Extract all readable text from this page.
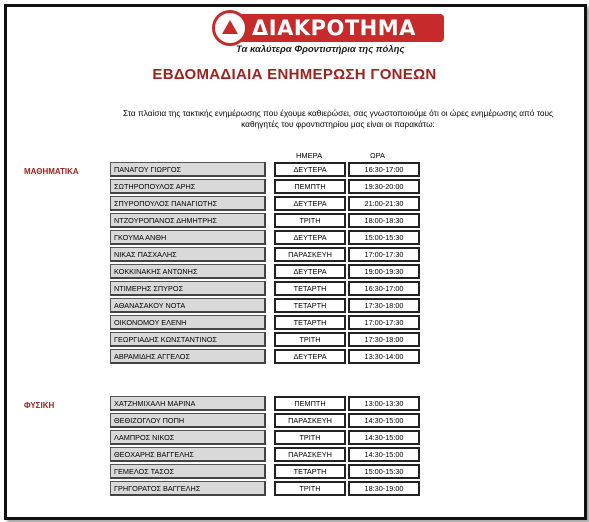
ΔΙΑΚΡΟΤΗΜΑ
Τα καλύτερα Φροντιστήρια της πόλης
ΕΒΔΟΜΑΔΙΑΙΑ ΕΝΗΜΕΡΩΣΗ ΓΟΝΕΩΝ
Στα πλαίσια της τακτικής ενημέρωσης που έχουμε καθιερώσει, σας γνωστοποιούμε ότι οι ώρες ενημέρωσης από τους καθηγητές του φροντιστηρίου μας είναι οι παρακάτω:
ΗΜΕΡΑ	ΩΡΑ
ΜΑΘΗΜΑΤΙΚΑ	ΠΑΝΑΓΟΥ ΓΙΩΡΓΟΣ		ΔΕΥΤΕΡΑ	16:30-17:00
ΣΩΤΗΡΟΠΟΥΛΟΣ ΑΡΗΣ		ΠΕΜΠΤΗ	19:30-20:00
ΣΠΥΡΟΠΟΥΛΟΣ ΠΑΝΑΓΙΩΤΗΣ		ΔΕΥΤΕΡΑ	21:00-21:30
ΝΤΖΟΥΡΟΠΑΝΟΣ ΔΗΜΗΤΡΗΣ		ΤΡΙΤΗ	18:00-18:30
ΓΚΟΥΜΑ ΑΝΘΗ		ΔΕΥΤΕΡΑ	15:00-15:30
ΝΙΚΑΣ ΠΑΣΧΑΛΗΣ		ΠΑΡΑΣΚΕΥΗ	17:00-17:30
ΚΟΚΚΙΝΑΚΗΣ ΑΝΤΩΝΗΣ		ΔΕΥΤΕΡΑ	19:00-19:30
ΝΤΙΜΕΡΗΣ ΣΠΥΡΟΣ		ΤΕΤΑΡΤΗ	16:30-17:00
ΑΘΑΝΑΣΑΚΟΥ ΝΟΤΑ		ΤΕΤΑΡΤΗ	17:30-18:00
ΟΙΚΟΝΟΜΟΥ ΕΛΕΝΗ		ΤΕΤΑΡΤΗ	17:00-17:30
ΓΕΩΡΓΙΑΔΗΣ ΚΩΝΣΤΑΝΤΙΝΟΣ		ΤΡΙΤΗ	17:30-18:00
ΑΒΡΑΜΙΔΗΣ ΑΓΓΕΛΟΣ		ΔΕΥΤΕΡΑ	13:30-14:00
ΦΥΣΙΚΗ	ΧΑΤΖΗΜΙΧΑΛΗ ΜΑΡΙΝΑ		ΠΕΜΠΤΗ	13:00-13:30
ΘΕΘΙΖΟΓΛΟΥ ΠΟΠΗ		ΠΑΡΑΣΚΕΥΗ	14:30-15:00
ΛΑΜΠΡΟΣ ΝΙΚΟΣ		ΤΡΙΤΗ	14:30-15:00
ΘΕΟΧΑΡΗΣ ΒΑΓΓΕΛΗΣ		ΠΑΡΑΣΚΕΥΗ	14:30-15:00
ΓΕΜΕΛΟΣ ΤΑΣΟΣ		ΤΕΤΑΡΤΗ	15:00-15:30
ΓΡΗΓΟΡΑΤΟΣ ΒΑΓΓΕΛΗΣ		ΤΡΙΤΗ	18:30-19:00
